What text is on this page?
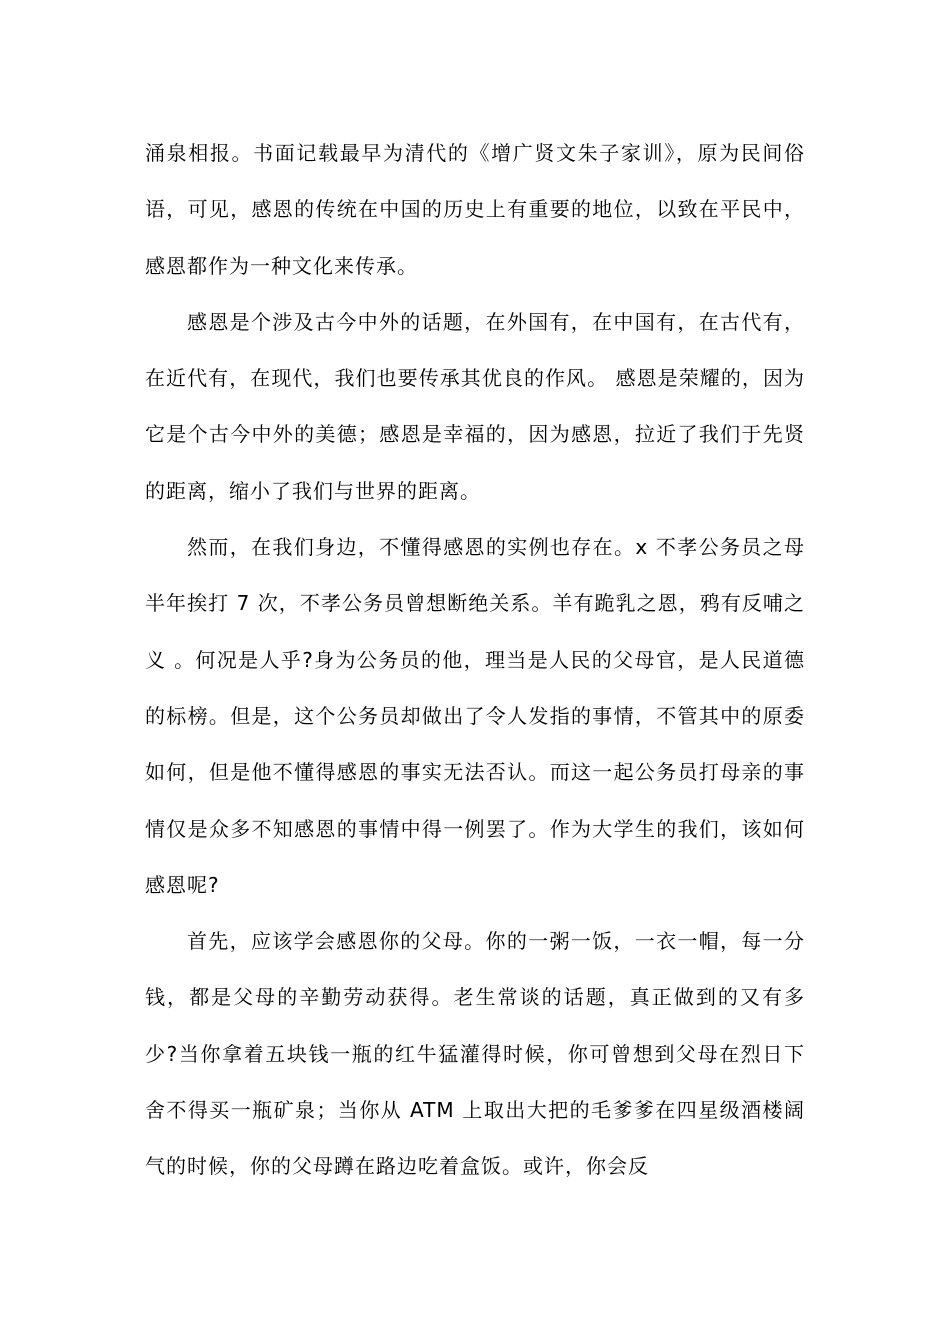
涌泉相报。书面记载最早为清代的《增广贤文朱子家训》，原为民间俗语，可见，感恩的传统在中国的历史上有重要的地位，以致在平民中，感恩都作为一种文化来传承。

感恩是个涉及古今中外的话题，在外国有，在中国有，在古代有，在近代有，在现代，我们也要传承其优良的作风。 感恩是荣耀的，因为它是个古今中外的美德；感恩是幸福的，因为感恩，拉近了我们于先贤的距离，缩小了我们与世界的距离。

然而，在我们身边，不懂得感恩的实例也存在。x 不孝公务员之母半年挨打 7 次，不孝公务员曾想断绝关系。羊有跪乳之恩，鸦有反哺之义 。何况是人乎?身为公务员的他，理当是人民的父母官，是人民道德的标榜。但是，这个公务员却做出了令人发指的事情，不管其中的原委如何，但是他不懂得感恩的事实无法否认。而这一起公务员打母亲的事情仅是众多不知感恩的事情中得一例罢了。作为大学生的我们，该如何感恩呢?

首先，应该学会感恩你的父母。你的一粥一饭，一衣一帽，每一分钱，都是父母的辛勤劳动获得。老生常谈的话题，真正做到的又有多少?当你拿着五块钱一瓶的红牛猛灌得时候，你可曾想到父母在烈日下舍不得买一瓶矿泉；当你从 ATM 上取出大把的毛爹爹在四星级酒楼阔气的时候，你的父母蹲在路边吃着盒饭。或许，你会反
